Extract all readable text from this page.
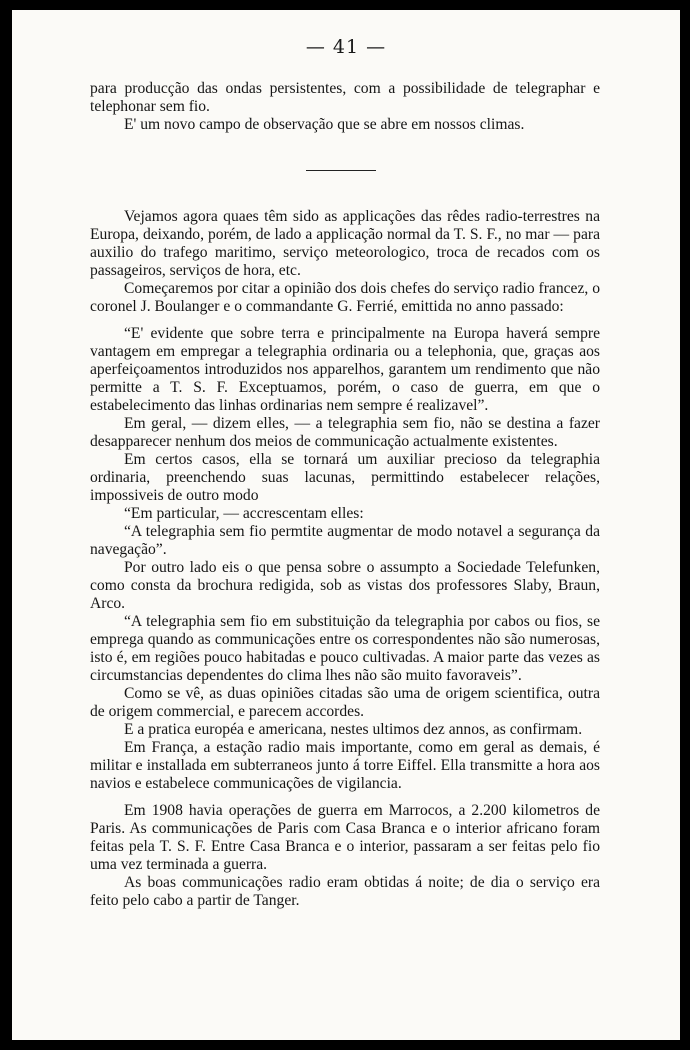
— 41 —

para producção das ondas persistentes, com a possibilidade de telegraphar e telephonar sem fio.

E' um novo campo de observação que se abre em nossos climas.

Vejamos agora quaes têm sido as applicações das rêdes radio-terrestres na Europa, deixando, porém, de lado a applicação normal da T. S. F., no mar — para auxilio do trafego maritimo, serviço meteorologico, troca de recados com os passageiros, serviços de hora, etc.

Começaremos por citar a opinião dos dois chefes do serviço radio francez, o coronel J. Boulanger e o commandante G. Ferrié, emittida no anno passado:

“E' evidente que sobre terra e principalmente na Europa haverá sempre vantagem em empregar a telegraphia ordinaria ou a telephonia, que, graças aos aperfeiçoamentos introduzidos nos apparelhos, garantem um rendimento que não permitte a T. S. F. Exceptuamos, porém, o caso de guerra, em que o estabelecimento das linhas ordinarias nem sempre é realizavel”.

Em geral, — dizem elles, — a telegraphia sem fio, não se destina a fazer desapparecer nenhum dos meios de communicação actualmente existentes.

Em certos casos, ella se tornará um auxiliar precioso da telegraphia ordinaria, preenchendo suas lacunas, permittindo estabelecer relações, impossiveis de outro modo

“Em particular, — accrescentam elles:

“A telegraphia sem fio permtite augmentar de modo notavel a segurança da navegação”.

Por outro lado eis o que pensa sobre o assumpto a Sociedade Telefunken, como consta da brochura redigida, sob as vistas dos professores Slaby, Braun, Arco.

“A telegraphia sem fio em substituição da telegraphia por cabos ou fios, se emprega quando as communicações entre os correspondentes não são numerosas, isto é, em regiões pouco habitadas e pouco cultivadas. A maior parte das vezes as circumstancias dependentes do clima lhes não são muito favoraveis”.

Como se vê, as duas opiniões citadas são uma de origem scientifica, outra de origem commercial, e parecem accordes.

E a pratica européa e americana, nestes ultimos dez annos, as confirmam.

Em França, a estação radio mais importante, como em geral as demais, é militar e installada em subterraneos junto á torre Eiffel. Ella transmitte a hora aos navios e estabelece communicações de vigilancia.

Em 1908 havia operações de guerra em Marrocos, a 2.200 kilometros de Paris. As communicações de Paris com Casa Branca e o interior africano foram feitas pela T. S. F. Entre Casa Branca e o interior, passaram a ser feitas pelo fio uma vez terminada a guerra.

As boas communicações radio eram obtidas á noite; de dia o serviço era feito pelo cabo a partir de Tanger.
